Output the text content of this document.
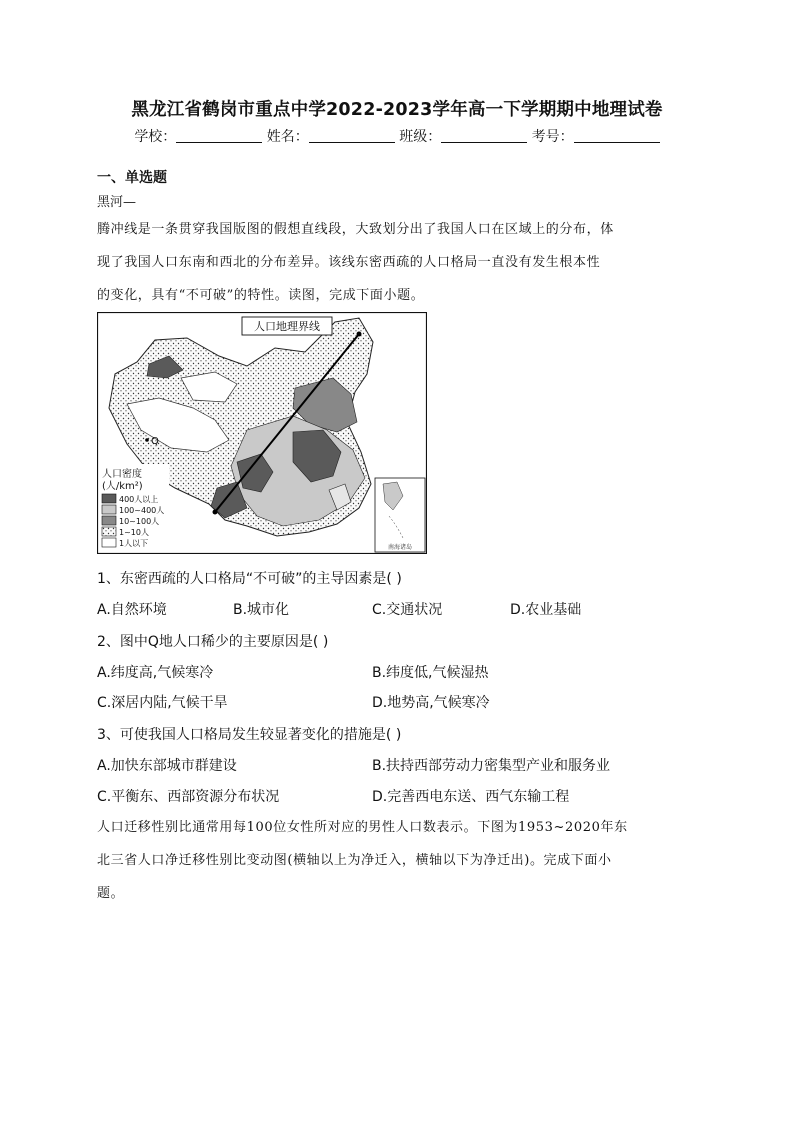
黑龙江省鹤岗市重点中学2022-2023学年高一下学期期中地理试卷
学校：	姓名：	班级：	考号：
一、单选题
黑河—
腾冲线是一条贯穿我国版图的假想直线段，大致划分出了我国人口在区域上的分布，体
现了我国人口东南和西北的分布差异。该线东密西疏的人口格局一直没有发生根本性
的变化，具有“不可破”的特性。读图，完成下面小题。
人口地理界线
Q
人口密度
(人/km²)
400人以上
100~400人
10~100人
1~10人
1人以下	南海诸岛
1、东密西疏的人口格局“不可破”的主导因素是( )
A.自然环境	B.城市化	C.交通状况	D.农业基础
2、图中Q地人口稀少的主要原因是( )
A.纬度高,气候寒冷	B.纬度低,气候湿热
C.深居内陆,气候干旱	D.地势高,气候寒冷
3、可使我国人口格局发生较显著变化的措施是( )
A.加快东部城市群建设	B.扶持西部劳动力密集型产业和服务业
C.平衡东、西部资源分布状况	D.完善西电东送、西气东输工程
人口迁移性别比通常用每100位女性所对应的男性人口数表示。下图为1953~2020年东
北三省人口净迁移性别比变动图(横轴以上为净迁入，横轴以下为净迁出)。完成下面小
题。
